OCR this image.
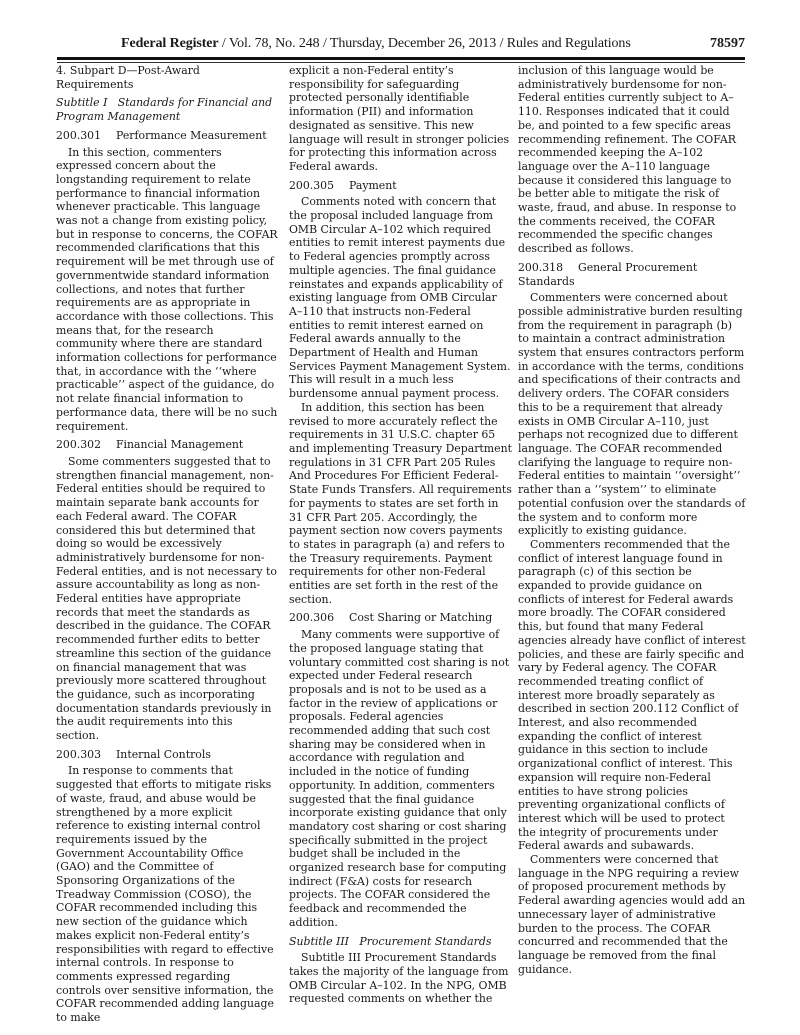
Federal Register / Vol. 78, No. 248 / Thursday, December 26, 2013 / Rules and Regulations	78597

4. Subpart D—Post-Award Requirements

Subtitle I Standards for Financial and Program Management
200.301 Performance Measurement

In this section, commenters expressed concern about the longstanding requirement to relate performance to financial information whenever practicable. This language was not a change from existing policy, but in response to concerns, the COFAR recommended clarifications that this requirement will be met through use of governmentwide standard information collections, and notes that further requirements are as appropriate in accordance with those collections. This means that, for the research community where there are standard information collections for performance that, in accordance with the ‘‘where practicable’’ aspect of the guidance, do not relate financial information to performance data, there will be no such requirement.

200.302 Financial Management

Some commenters suggested that to strengthen financial management, non-Federal entities should be required to maintain separate bank accounts for each Federal award. The COFAR considered this but determined that doing so would be excessively administratively burdensome for non-Federal entities, and is not necessary to assure accountability as long as non-Federal entities have appropriate records that meet the standards as described in the guidance. The COFAR recommended further edits to better streamline this section of the guidance on financial management that was previously more scattered throughout the guidance, such as incorporating documentation standards previously in the audit requirements into this section.

200.303 Internal Controls

In response to comments that suggested that efforts to mitigate risks of waste, fraud, and abuse would be strengthened by a more explicit reference to existing internal control requirements issued by the Government Accountability Office (GAO) and the Committee of Sponsoring Organizations of the Treadway Commission (COSO), the COFAR recommended including this new section of the guidance which makes explicit non-Federal entity’s responsibilities with regard to effective internal controls. In response to comments expressed regarding controls over sensitive information, the COFAR recommended adding language to make

explicit a non-Federal entity’s responsibility for safeguarding protected personally identifiable information (PII) and information designated as sensitive. This new language will result in stronger policies for protecting this information across Federal awards.

200.305 Payment

Comments noted with concern that the proposal included language from OMB Circular A–102 which required entities to remit interest payments due to Federal agencies promptly across multiple agencies. The final guidance reinstates and expands applicability of existing language from OMB Circular A–110 that instructs non-Federal entities to remit interest earned on Federal awards annually to the Department of Health and Human Services Payment Management System. This will result in a much less burdensome annual payment process.

In addition, this section has been revised to more accurately reflect the requirements in 31 U.S.C. chapter 65 and implementing Treasury Department regulations in 31 CFR Part 205 Rules And Procedures For Efficient Federal-State Funds Transfers. All requirements for payments to states are set forth in 31 CFR Part 205. Accordingly, the payment section now covers payments to states in paragraph (a) and refers to the Treasury requirements. Payment requirements for other non-Federal entities are set forth in the rest of the section.

200.306 Cost Sharing or Matching

Many comments were supportive of the proposed language stating that voluntary committed cost sharing is not expected under Federal research proposals and is not to be used as a factor in the review of applications or proposals. Federal agencies recommended adding that such cost sharing may be considered when in accordance with regulation and included in the notice of funding opportunity. In addition, commenters suggested that the final guidance incorporate existing guidance that only mandatory cost sharing or cost sharing specifically submitted in the project budget shall be included in the organized research base for computing indirect (F&A) costs for research projects. The COFAR considered the feedback and recommended the addition.

Subtitle III Procurement Standards

Subtitle III Procurement Standards takes the majority of the language from OMB Circular A–102. In the NPG, OMB requested comments on whether the

inclusion of this language would be administratively burdensome for non-Federal entities currently subject to A–110. Responses indicated that it could be, and pointed to a few specific areas recommending refinement. The COFAR recommended keeping the A–102 language over the A–110 language because it considered this language to be better able to mitigate the risk of waste, fraud, and abuse. In response to the comments received, the COFAR recommended the specific changes described as follows.

200.318 General Procurement Standards

Commenters were concerned about possible administrative burden resulting from the requirement in paragraph (b) to maintain a contract administration system that ensures contractors perform in accordance with the terms, conditions and specifications of their contracts and delivery orders. The COFAR considers this to be a requirement that already exists in OMB Circular A–110, just perhaps not recognized due to different language. The COFAR recommended clarifying the language to require non-Federal entities to maintain ‘‘oversight’’ rather than a ‘‘system’’ to eliminate potential confusion over the standards of the system and to conform more explicitly to existing guidance.

Commenters recommended that the conflict of interest language found in paragraph (c) of this section be expanded to provide guidance on conflicts of interest for Federal awards more broadly. The COFAR considered this, but found that many Federal agencies already have conflict of interest policies, and these are fairly specific and vary by Federal agency. The COFAR recommended treating conflict of interest more broadly separately as described in section 200.112 Conflict of Interest, and also recommended expanding the conflict of interest guidance in this section to include organizational conflict of interest. This expansion will require non-Federal entities to have strong policies preventing organizational conflicts of interest which will be used to protect the integrity of procurements under Federal awards and subawards.

Commenters were concerned that language in the NPG requiring a review of proposed procurement methods by Federal awarding agencies would add an unnecessary layer of administrative burden to the process. The COFAR concurred and recommended that the language be removed from the final guidance.
